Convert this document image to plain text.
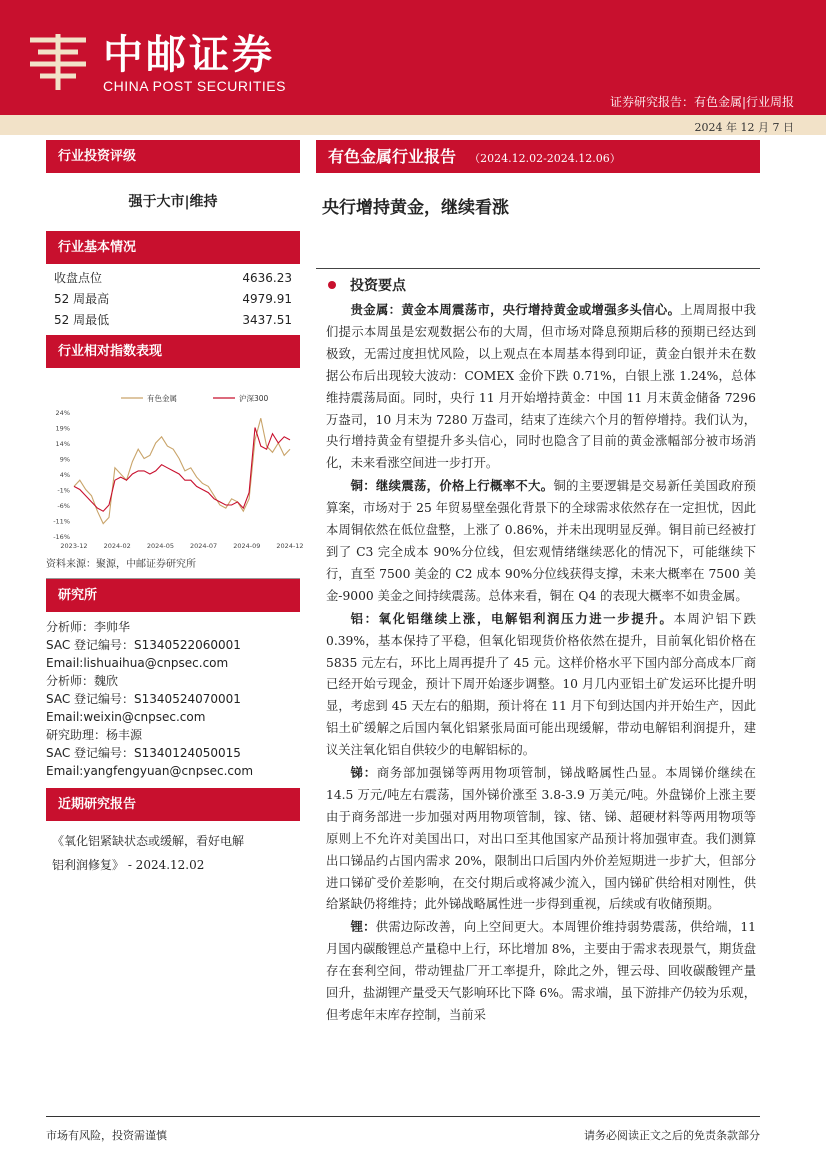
中邮证券
CHINA POST SECURITIES
证券研究报告：有色金属|行业周报
2024 年 12 月 7 日
行业投资评级
强于大市|维持
行业基本情况
收盘点位	4636.23
52 周最高	4979.91
52 周最低	3437.51
行业相对指数表现
24%
19%
14%
9%
4%
-1%
-6%
-11%
-16%
2023-12 2024-02 2024-05 2024-07 2024-09 2024-12
有色金属	沪深300
资料来源：聚源，中邮证券研究所
研究所
分析师：李帅华
SAC 登记编号：S1340522060001
Email:lishuaihua@cnpsec.com
分析师：魏欣
SAC 登记编号：S1340524070001
Email:weixin@cnpsec.com
研究助理：杨丰源
SAC 登记编号：S1340124050015
Email:yangfengyuan@cnpsec.com
近期研究报告
《氧化铝紧缺状态或缓解，看好电解
铝利润修复》 - 2024.12.02
有色金属行业报告 （2024.12.02-2024.12.06）
央行增持黄金，继续看涨
投资要点

贵金属：黄金本周震荡市，央行增持黄金或增强多头信心。上周周报中我们提示本周虽是宏观数据公布的大周，但市场对降息预期后移的预期已经达到极致，无需过度担忧风险，以上观点在本周基本得到印证，黄金白银并未在数据公布后出现较大波动：COMEX 金价下跌 0.71%，白银上涨 1.24%，总体维持震荡局面。同时，央行 11 月开始增持黄金：中国 11 月末黄金储备 7296 万盎司，10 月末为 7280 万盎司，结束了连续六个月的暂停增持。我们认为，央行增持黄金有望提升多头信心，同时也隐含了目前的黄金涨幅部分被市场消化，未来看涨空间进一步打开。

铜：继续震荡，价格上行概率不大。铜的主要逻辑是交易新任美国政府预算案，市场对于 25 年贸易壁垒强化背景下的全球需求依然存在一定担忧，因此本周铜依然在低位盘整，上涨了 0.86%，并未出现明显反弹。铜目前已经被打到了 C3 完全成本 90%分位线，但宏观情绪继续恶化的情况下，可能继续下行，直至 7500 美金的 C2 成本 90%分位线获得支撑，未来大概率在 7500 美金-9000 美金之间持续震荡。总体来看，铜在 Q4 的表现大概率不如贵金属。

铝：氧化铝继续上涨，电解铝利润压力进一步提升。本周沪铝下跌 0.39%，基本保持了平稳，但氧化铝现货价格依然在提升，目前氧化铝价格在 5835 元左右，环比上周再提升了 45 元。这样价格水平下国内部分高成本厂商已经开始亏现金，预计下周开始逐步调整。10 月几内亚铝土矿发运环比提升明显，考虑到 45 天左右的船期，预计将在 11 月下旬到达国内并开始生产，因此铝土矿缓解之后国内氧化铝紧张局面可能出现缓解，带动电解铝利润提升，建议关注氧化铝自供较少的电解铝标的。

锑：商务部加强锑等两用物项管制，锑战略属性凸显。本周锑价继续在 14.5 万元/吨左右震荡，国外锑价涨至 3.8-3.9 万美元/吨。外盘锑价上涨主要由于商务部进一步加强对两用物项管制，镓、锗、锑、超硬材料等两用物项等原则上不允许对美国出口，对出口至其他国家产品预计将加强审查。我们测算出口锑品约占国内需求 20%，限制出口后国内外价差短期进一步扩大，但部分进口锑矿受价差影响，在交付期后或将减少流入，国内锑矿供给相对刚性，供给紧缺仍将维持；此外锑战略属性进一步得到重视，后续或有收储预期。

锂：供需边际改善，向上空间更大。本周锂价维持弱势震荡，供给端，11 月国内碳酸锂总产量稳中上行，环比增加 8%，主要由于需求表现景气，期货盘存在套利空间，带动锂盐厂开工率提升，除此之外，锂云母、回收碳酸锂产量回升，盐湖锂产量受天气影响环比下降 6%。需求端，虽下游排产仍较为乐观，但考虑年末库存控制，当前采

市场有风险，投资需谨慎	请务必阅读正文之后的免责条款部分
